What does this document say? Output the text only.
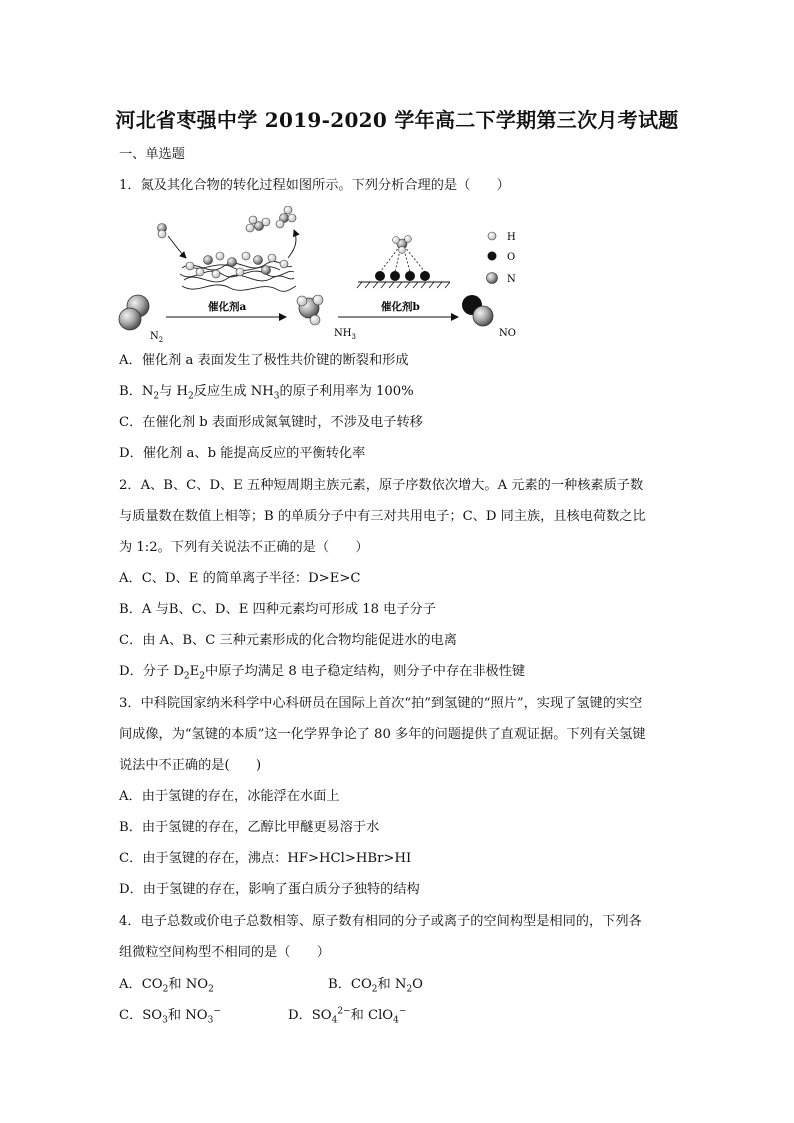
河北省枣强中学 2019-2020 学年高二下学期第三次月考试题
一、单选题
1．氮及其化合物的转化过程如图所示。下列分析合理的是（　　）
$N_2$
催化剂a
$NH_3$
催化剂b
NO
H
O
N
A．催化剂 a 表面发生了极性共价键的断裂和形成
B．$N_2$与 $H_2$反应生成 $NH_3$的原子利用率为 100%
C．在催化剂 b 表面形成氮氧键时，不涉及电子转移
D．催化剂 a、b 能提高反应的平衡转化率
2．A、B、C、D、E 五种短周期主族元素，原子序数依次增大。A 元素的一种核素质子数
与质量数在数值上相等；B 的单质分子中有三对共用电子；C、D 同主族，且核电荷数之比
为 1:2。下列有关说法不正确的是（　　）
A．C、D、E 的简单离子半径：D>E>C
B．A 与B、C、D、E 四种元素均可形成 18 电子分子
C．由 A、B、C 三种元素形成的化合物均能促进水的电离
D．分子 $D_2E_2$中原子均满足 8 电子稳定结构，则分子中存在非极性键
3．中科院国家纳米科学中心科研员在国际上首次“拍”到氢键的“照片”，实现了氢键的实空
间成像，为“氢键的本质”这一化学界争论了 80 多年的问题提供了直观证据。下列有关氢键
说法中不正确的是(　　)
A．由于氢键的存在，冰能浮在水面上
B．由于氢键的存在，乙醇比甲醚更易溶于水
C．由于氢键的存在，沸点：HF>HCl>HBr>HI
D．由于氢键的存在，影响了蛋白质分子独特的结构
4．电子总数或价电子总数相等、原子数有相同的分子或离子的空间构型是相同的，下列各
组微粒空间构型不相同的是（　　）
A．$CO_2$和 $NO_2$	B．$CO_2$和 $N_2O$
C．$SO_3$和 $NO_3^-$	D．$SO_4^{2-}$和 ClO$_4$−
